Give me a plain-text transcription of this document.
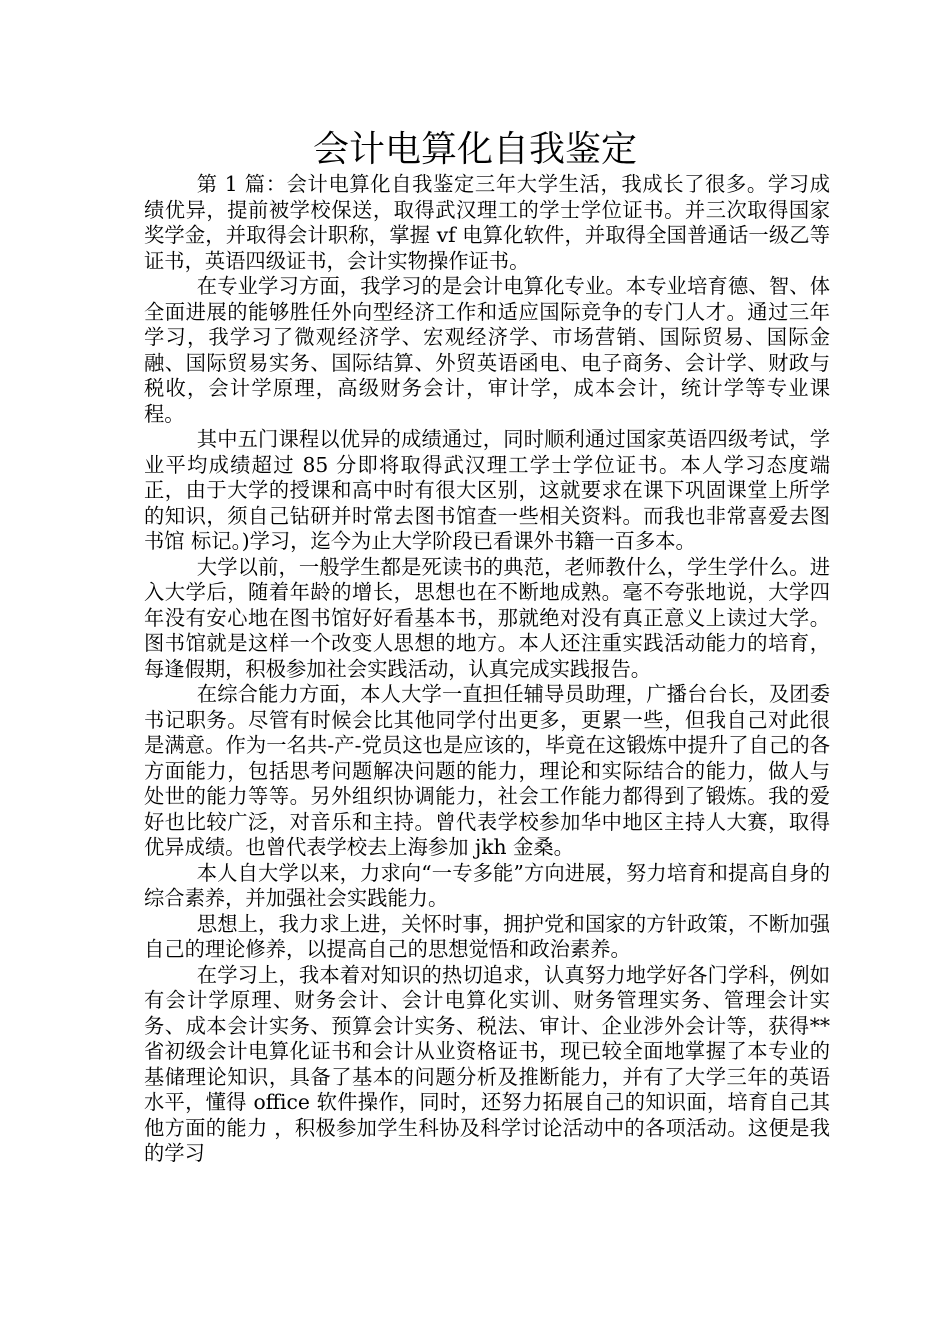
会计电算化自我鉴定

第 1 篇：会计电算化自我鉴定三年大学生活，我成长了很多。学习成绩优异，提前被学校保送，取得武汉理工的学士学位证书。并三次取得国家奖学金，并取得会计职称，掌握 vf 电算化软件，并取得全国普通话一级乙等证书，英语四级证书，会计实物操作证书。

在专业学习方面，我学习的是会计电算化专业。本专业培育德、智、体全面进展的能够胜任外向型经济工作和适应国际竞争的专门人才。通过三年学习，我学习了微观经济学、宏观经济学、市场营销、国际贸易、国际金融、国际贸易实务、国际结算、外贸英语函电、电子商务、会计学、财政与税收，会计学原理，高级财务会计，审计学，成本会计，统计学等专业课程。

其中五门课程以优异的成绩通过，同时顺利通过国家英语四级考试，学业平均成绩超过 85 分即将取得武汉理工学士学位证书。本人学习态度端正，由于大学的授课和高中时有很大区别，这就要求在课下巩固课堂上所学的知识，须自己钻研并时常去图书馆查一些相关资料。而我也非常喜爱去图书馆 标记。)学习，迄今为止大学阶段已看课外书籍一百多本。

大学以前，一般学生都是死读书的典范，老师教什么，学生学什么。进入大学后，随着年龄的增长，思想也在不断地成熟。毫不夸张地说，大学四年没有安心地在图书馆好好看基本书，那就绝对没有真正意义上读过大学。图书馆就是这样一个改变人思想的地方。本人还注重实践活动能力的培育，每逢假期，积极参加社会实践活动，认真完成实践报告。

在综合能力方面，本人大学一直担任辅导员助理，广播台台长，及团委书记职务。尽管有时候会比其他同学付出更多，更累一些，但我自己对此很是满意。作为一名共-产-党员这也是应该的，毕竟在这锻炼中提升了自己的各方面能力，包括思考问题解决问题的能力，理论和实际结合的能力，做人与处世的能力等等。另外组织协调能力，社会工作能力都得到了锻炼。我的爱好也比较广泛，对音乐和主持。曾代表学校参加华中地区主持人大赛，取得优异成绩。也曾代表学校去上海参加 jkh 金桑。

本人自大学以来，力求向“一专多能”方向进展，努力培育和提高自身的综合素养，并加强社会实践能力。

思想上，我力求上进，关怀时事，拥护党和国家的方针政策，不断加强自己的理论修养，以提高自己的思想觉悟和政治素养。

在学习上，我本着对知识的热切追求，认真努力地学好各门学科，例如有会计学原理、财务会计、会计电算化实训、财务管理实务、管理会计实务、成本会计实务、预算会计实务、税法、审计、企业涉外会计等，获得**省初级会计电算化证书和会计从业资格证书，现已较全面地掌握了本专业的基储理论知识，具备了基本的问题分析及推断能力，并有了大学三年的英语水平，懂得 office 软件操作，同时，还努力拓展自己的知识面，培育自己其他方面的能力 ，积极参加学生科协及科学讨论活动中的各项活动。这便是我的学习
